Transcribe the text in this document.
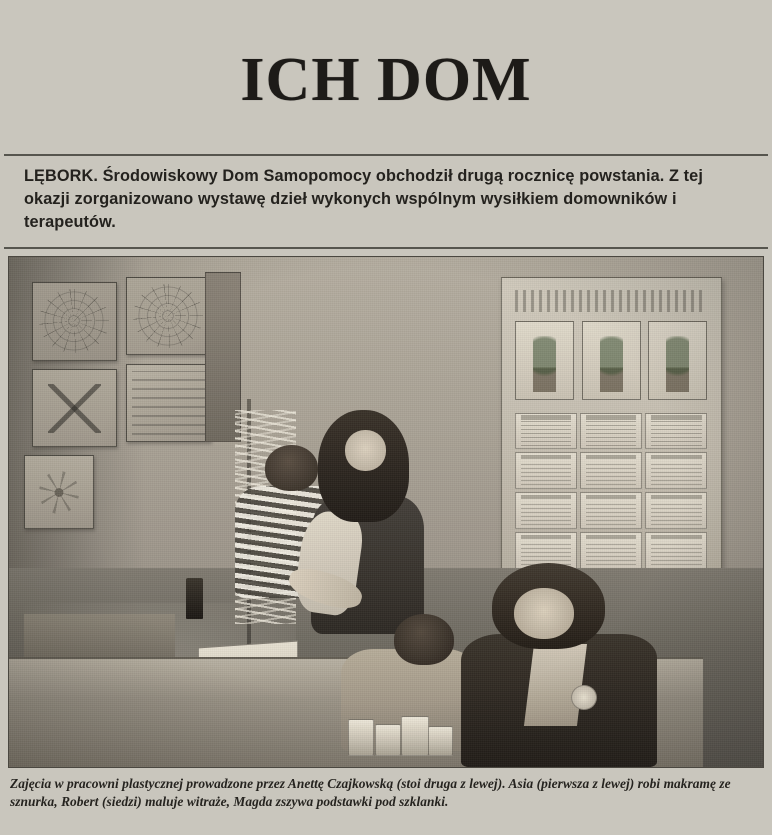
ICH DOM

LĘBORK. Środowiskowy Dom Samopomocy obchodził drugą rocznicę powstania. Z tej okazji zorganizowano wystawę dzieł wykonych wspólnym wysiłkiem domowników i terapeutów.

Zajęcia w pracowni plastycznej prowadzone przez Anettę Czajkowską (stoi druga z lewej). Asia (pierwsza z lewej) robi makramę ze sznurka, Robert (siedzi) maluje witraże, Magda zszywa podstawki pod szklanki.
